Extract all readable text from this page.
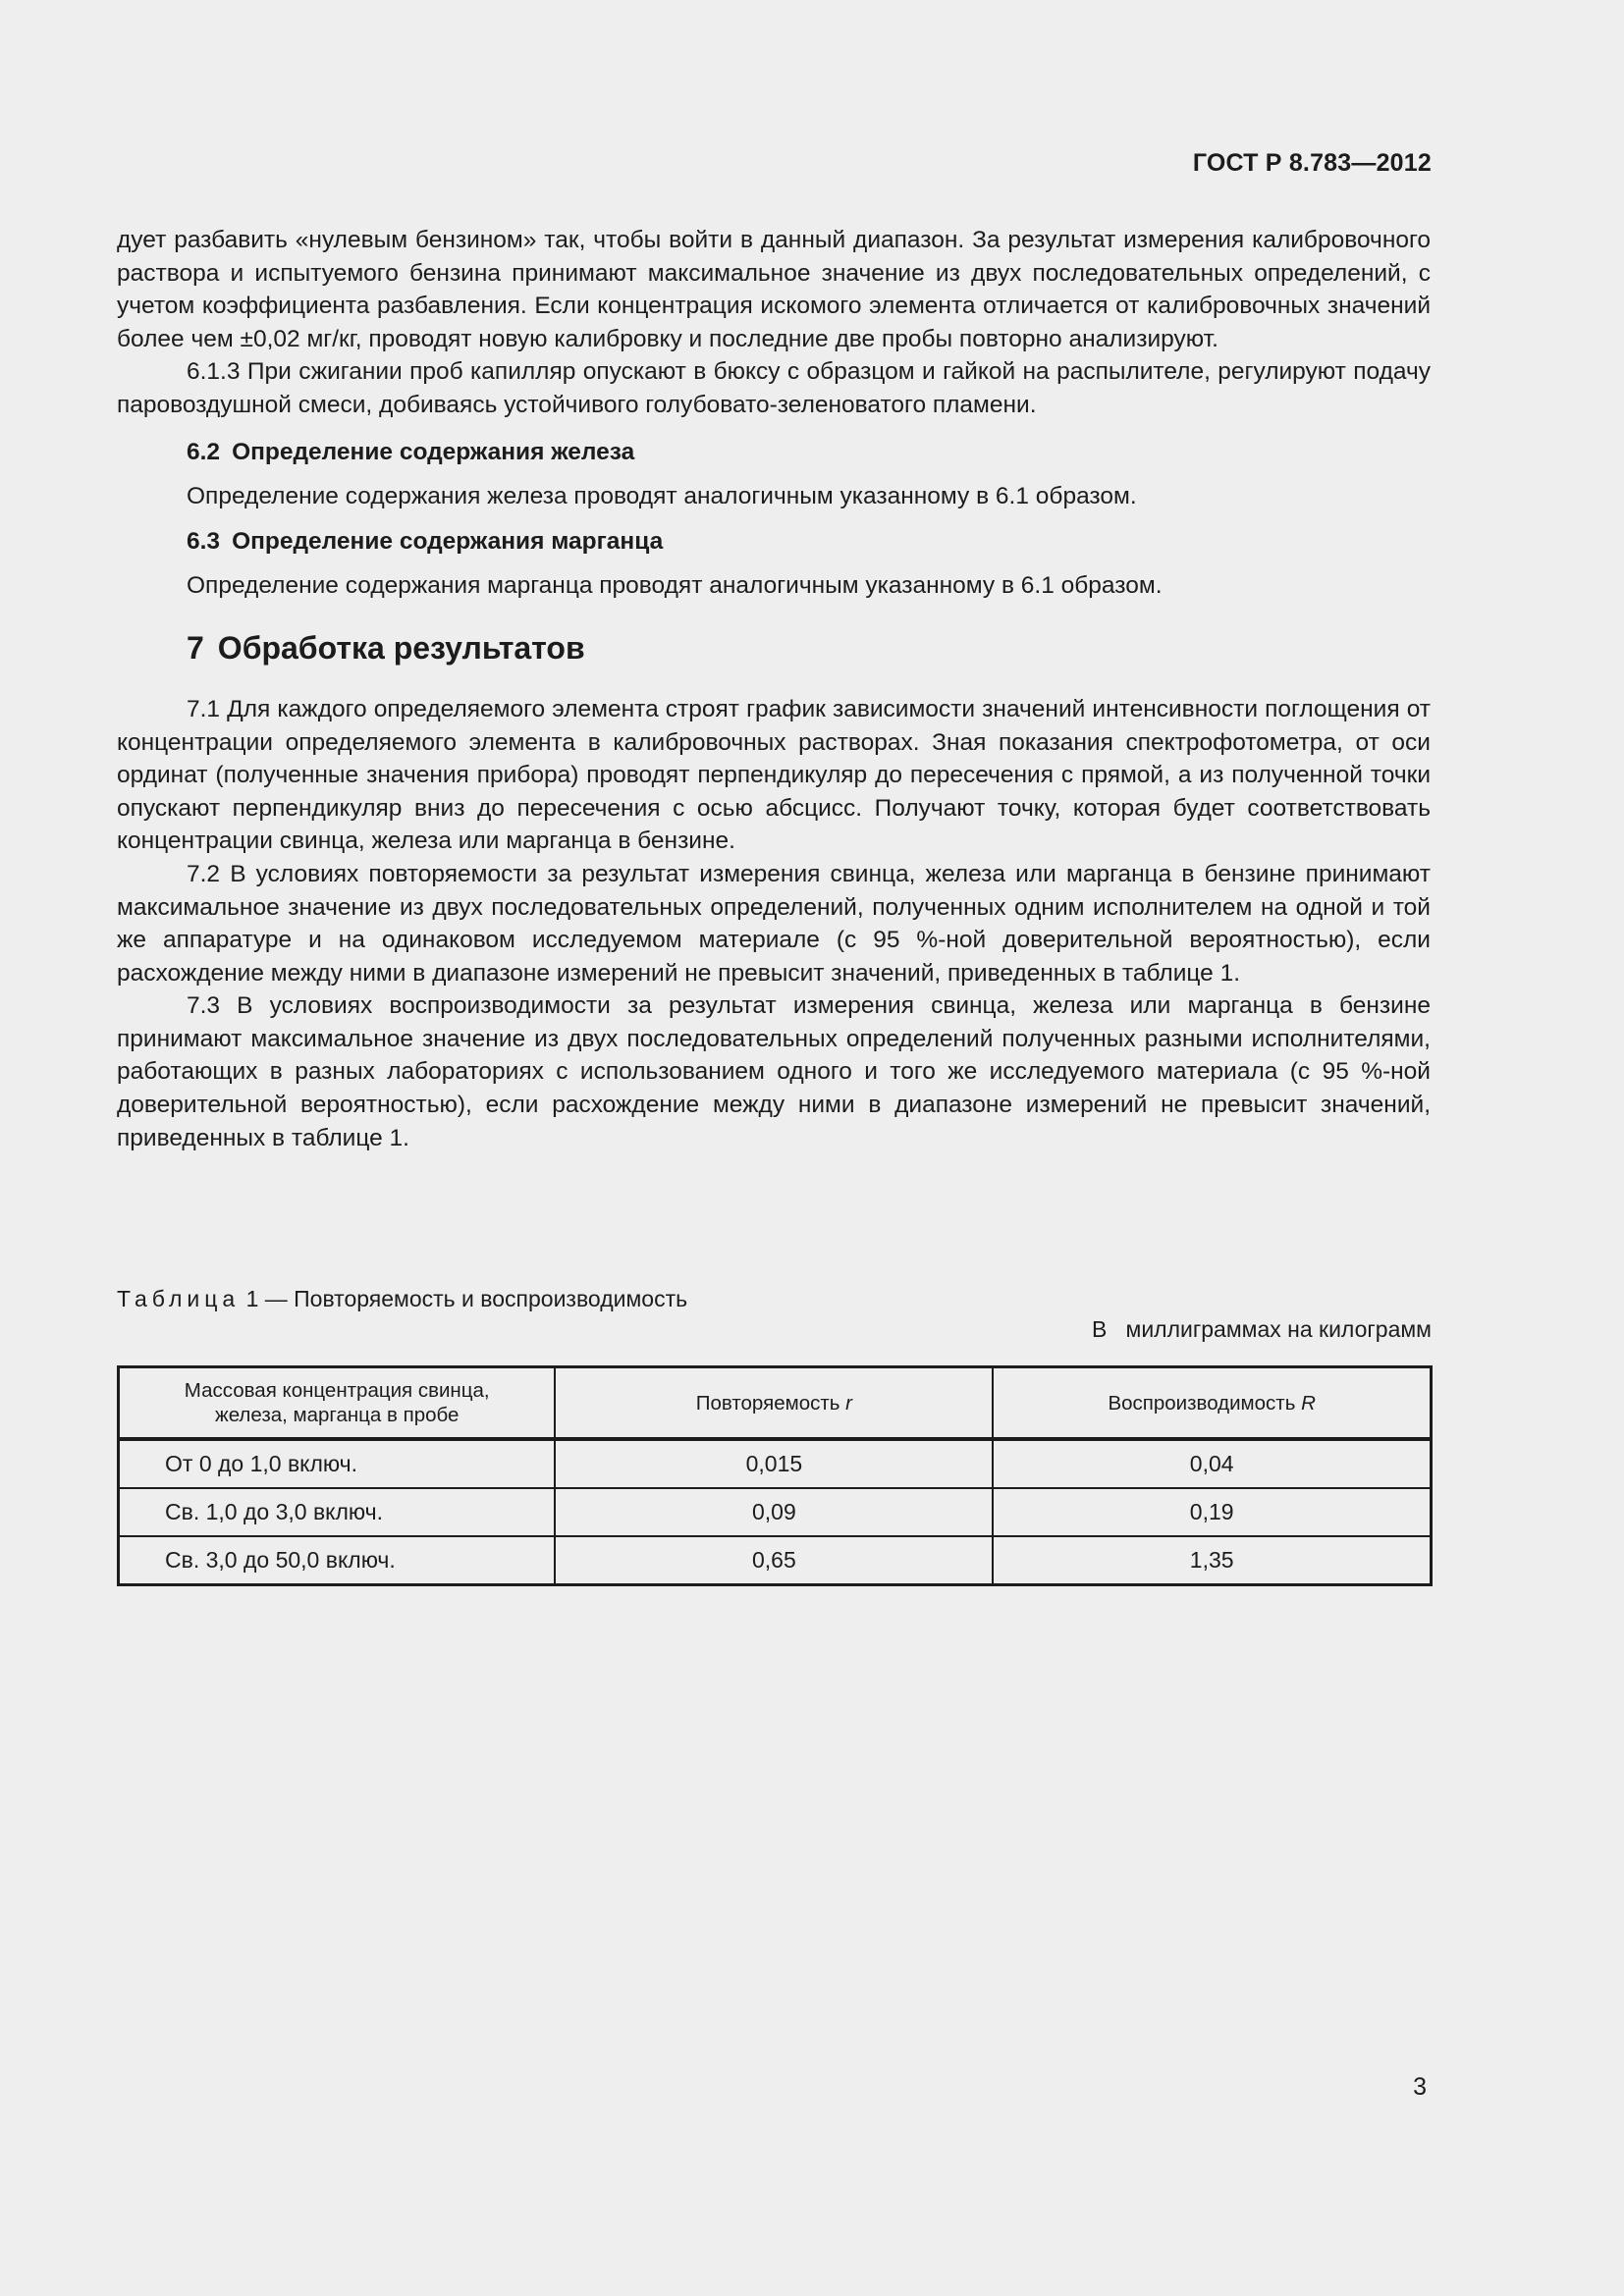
ГОСТ Р 8.783—2012

дует разбавить «нулевым бензином» так, чтобы войти в данный диапазон. За результат измерения калибровочного раствора и испытуемого бензина принимают максимальное значение из двух последовательных определений, с учетом коэффициента разбавления. Если концентрация искомого элемента отличается от калибровочных значений более чем ±0,02 мг/кг, проводят новую калибровку и последние две пробы повторно анализируют.

6.1.3 При сжигании проб капилляр опускают в бюксу с образцом и гайкой на распылителе, регулируют подачу паровоздушной смеси, добиваясь устойчивого голубовато-зеленоватого пламени.

6.2 Определение содержания железа

Определение содержания железа проводят аналогичным указанному в 6.1 образом.

6.3 Определение содержания марганца

Определение содержания марганца проводят аналогичным указанному в 6.1 образом.

7 Обработка результатов

7.1 Для каждого определяемого элемента строят график зависимости значений интенсивности поглощения от концентрации определяемого элемента в калибровочных растворах. Зная показания спектрофотометра, от оси ординат (полученные значения прибора) проводят перпендикуляр до пересечения с прямой, а из полученной точки опускают перпендикуляр вниз до пересечения с осью абсцисс. Получают точку, которая будет соответствовать концентрации свинца, железа или марганца в бензине.

7.2 В условиях повторяемости за результат измерения свинца, железа или марганца в бензине принимают максимальное значение из двух последовательных определений, полученных одним исполнителем на одной и той же аппаратуре и на одинаковом исследуемом материале (с 95 %-ной доверительной вероятностью), если расхождение между ними в диапазоне измерений не превысит значений, приведенных в таблице 1.

7.3 В условиях воспроизводимости за результат измерения свинца, железа или марганца в бензине принимают максимальное значение из двух последовательных определений полученных разными исполнителями, работающих в разных лабораториях с использованием одного и того же исследуемого материала (с 95 %-ной доверительной вероятностью), если расхождение между ними в диапазоне измерений не превысит значений, приведенных в таблице 1.

Таблица 1 — Повторяемость и воспроизводимость
В   миллиграммах на килограмм
Массовая концентрация свинца,
железа, марганца в пробе	Повторяемость r	Воспроизводимость R
От 0 до 1,0 включ.	0,015	0,04
Св. 1,0 до 3,0 включ.	0,09	0,19
Св. 3,0 до 50,0 включ.	0,65	1,35
3
